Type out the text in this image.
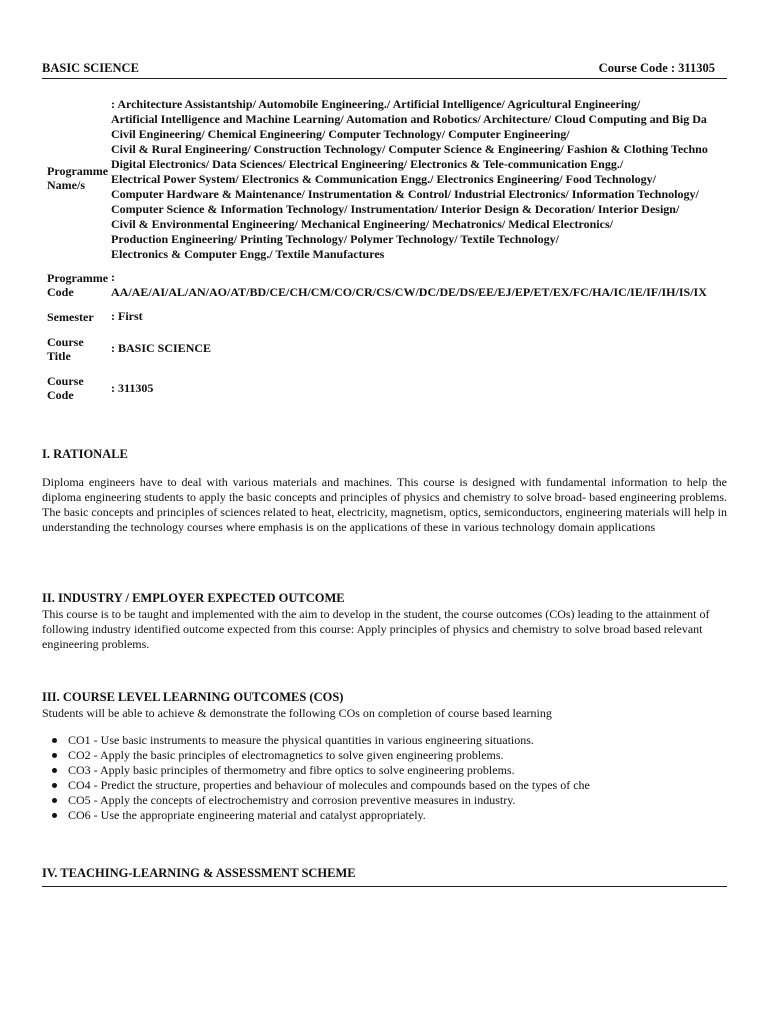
BASIC SCIENCE	Course Code : 311305
Programme Name/s
: Architecture Assistantship/ Automobile Engineering./ Artificial Intelligence/ Agricultural Engineering/
Artificial Intelligence and Machine Learning/ Automation and Robotics/ Architecture/ Cloud Computing and Big Da
Civil Engineering/ Chemical Engineering/ Computer Technology/ Computer Engineering/
Civil & Rural Engineering/ Construction Technology/ Computer Science & Engineering/ Fashion & Clothing Techno
Digital Electronics/ Data Sciences/ Electrical Engineering/ Electronics & Tele-communication Engg./
Electrical Power System/ Electronics & Communication Engg./ Electronics Engineering/ Food Technology/
Computer Hardware & Maintenance/ Instrumentation & Control/ Industrial Electronics/ Information Technology/
Computer Science & Information Technology/ Instrumentation/ Interior Design & Decoration/ Interior Design/
Civil & Environmental Engineering/ Mechanical Engineering/ Mechatronics/ Medical Electronics/
Production Engineering/ Printing Technology/ Polymer Technology/ Textile Technology/
Electronics & Computer Engg./ Textile Manufactures
Programme Code
:
AA/AE/AI/AL/AN/AO/AT/BD/CE/CH/CM/CO/CR/CS/CW/DC/DE/DS/EE/EJ/EP/ET/EX/FC/HA/IC/IE/IF/IH/IS/IX
Semester : First
Course Title
: BASIC SCIENCE
Course Code	: 311305
I. RATIONALE
Diploma engineers have to deal with various materials and machines. This course is designed with fundamental information to help the diploma engineering students to apply the basic concepts and principles of physics and chemistry to solve broad- based engineering problems. The basic concepts and principles of sciences related to heat, electricity, magnetism, optics, semiconductors, engineering materials will help in understanding the technology courses where emphasis is on the applications of these in various technology domain applications
II. INDUSTRY / EMPLOYER EXPECTED OUTCOME
This course is to be taught and implemented with the aim to develop in the student, the course outcomes (COs) leading to the attainment of following industry identified outcome expected from this course: Apply principles of physics and chemistry to solve broad based relevant engineering problems.
III. COURSE LEVEL LEARNING OUTCOMES (COS)
Students will be able to achieve & demonstrate the following COs on completion of course based learning
CO1 - Use basic instruments to measure the physical quantities in various engineering situations.
CO2 - Apply the basic principles of electromagnetics to solve given engineering problems.
CO3 - Apply basic principles of thermometry and fibre optics to solve engineering problems.
CO4 - Predict the structure, properties and behaviour of molecules and compounds based on the types of che
CO5 - Apply the concepts of electrochemistry and corrosion preventive measures in industry.
CO6 - Use the appropriate engineering material and catalyst appropriately.
IV. TEACHING-LEARNING & ASSESSMENT SCHEME
